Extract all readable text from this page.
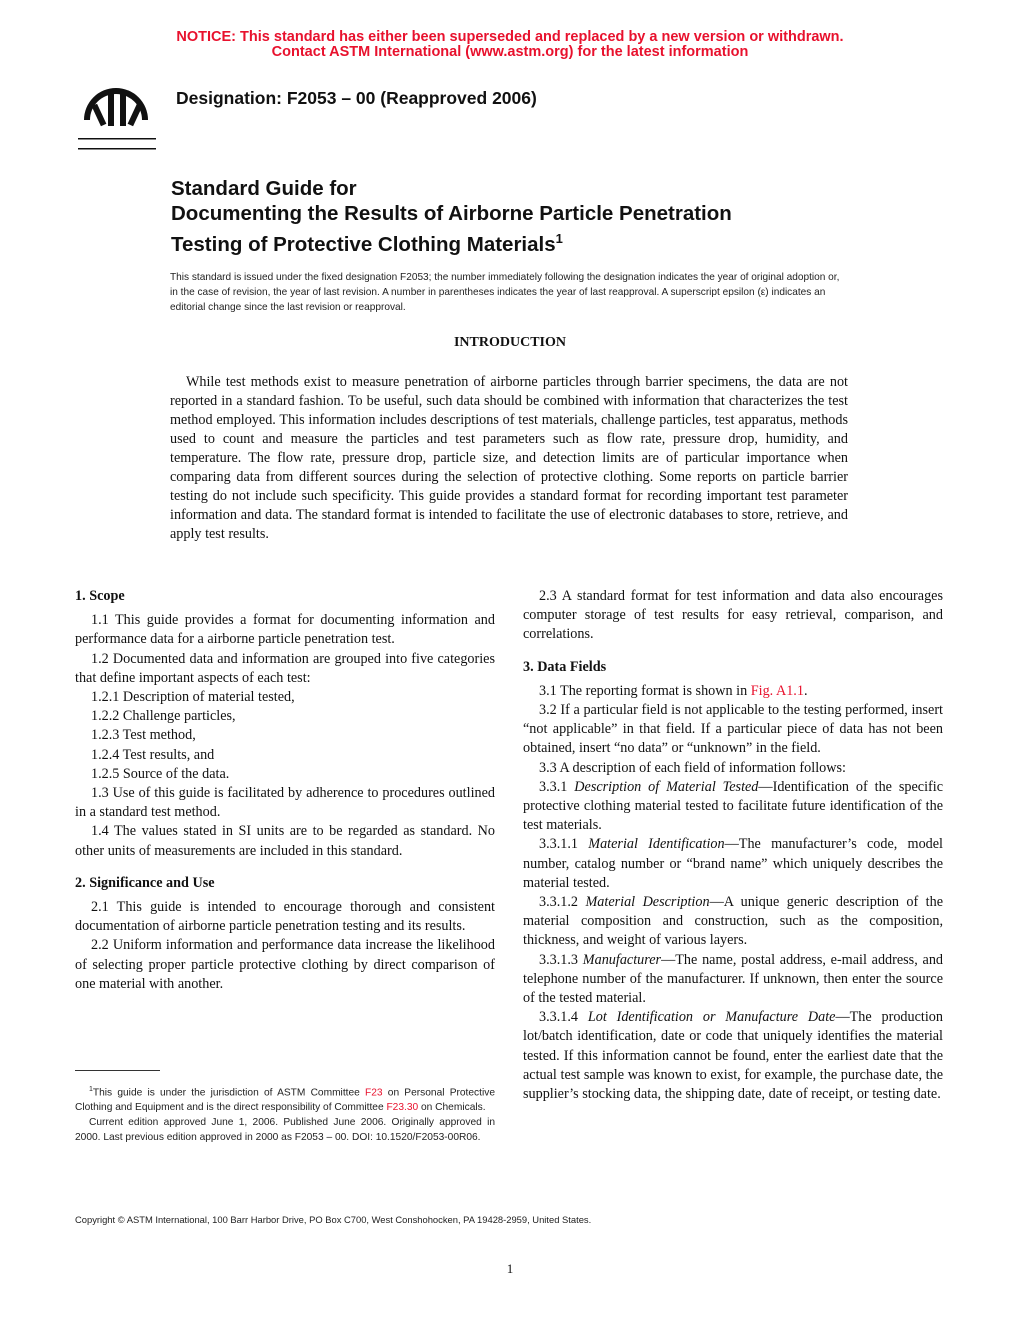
NOTICE: This standard has either been superseded and replaced by a new version or withdrawn.
Contact ASTM International (www.astm.org) for the latest information
Designation: F2053 – 00 (Reapproved 2006)
Standard Guide for
Documenting the Results of Airborne Particle Penetration
Testing of Protective Clothing Materials$^1$
This standard is issued under the fixed designation F2053; the number immediately following the designation indicates the year of original adoption or, in the case of revision, the year of last revision. A number in parentheses indicates the year of last reapproval. A superscript epsilon (ε) indicates an editorial change since the last revision or reapproval.
INTRODUCTION
While test methods exist to measure penetration of airborne particles through barrier specimens, the data are not reported in a standard fashion. To be useful, such data should be combined with information that characterizes the test method employed. This information includes descriptions of test materials, challenge particles, test apparatus, methods used to count and measure the particles and test parameters such as flow rate, pressure drop, humidity, and temperature. The flow rate, pressure drop, particle size, and detection limits are of particular importance when comparing data from different sources during the selection of protective clothing. Some reports on particle barrier testing do not include such specificity. This guide provides a standard format for recording important test parameter information and data. The standard format is intended to facilitate the use of electronic databases to store, retrieve, and apply test results.
1. Scope

1.1 This guide provides a format for documenting information and performance data for a airborne particle penetration test.

1.2 Documented data and information are grouped into five categories that define important aspects of each test:

1.2.1 Description of material tested,

1.2.2 Challenge particles,

1.2.3 Test method,

1.2.4 Test results, and

1.2.5 Source of the data.

1.3 Use of this guide is facilitated by adherence to procedures outlined in a standard test method.

1.4 The values stated in SI units are to be regarded as standard. No other units of measurements are included in this standard.

2. Significance and Use

2.1 This guide is intended to encourage thorough and consistent documentation of airborne particle penetration testing and its results.

2.2 Uniform information and performance data increase the likelihood of selecting proper particle protective clothing by direct comparison of one material with another.

2.3 A standard format for test information and data also encourages computer storage of test results for easy retrieval, comparison, and correlations.

3. Data Fields

3.1 The reporting format is shown in Fig. A1.1.

3.2 If a particular field is not applicable to the testing performed, insert “not applicable” in that field. If a particular piece of data has not been obtained, insert “no data” or “unknown” in the field.

3.3 A description of each field of information follows:

3.3.1 Description of Material Tested—Identification of the specific protective clothing material tested to facilitate future identification of the test materials.

3.3.1.1 Material Identification—The manufacturer’s code, model number, catalog number or “brand name” which uniquely describes the material tested.

3.3.1.2 Material Description—A unique generic description of the material composition and construction, such as the composition, thickness, and weight of various layers.

3.3.1.3 Manufacturer—The name, postal address, e-mail address, and telephone number of the manufacturer. If unknown, then enter the source of the tested material.

3.3.1.4 Lot Identification or Manufacture Date—The production lot/batch identification, date or code that uniquely identifies the material tested. If this information cannot be found, enter the earliest date that the actual test sample was known to exist, for example, the purchase date, the supplier’s stocking data, the shipping date, date of receipt, or testing date.

$^1$This guide is under the jurisdiction of ASTM Committee F23 on Personal Protective Clothing and Equipment and is the direct responsibility of Committee F23.30 on Chemicals.

Current edition approved June 1, 2006. Published June 2006. Originally approved in 2000. Last previous edition approved in 2000 as F2053 – 00. DOI: 10.1520/F2053-00R06.

Copyright © ASTM International, 100 Barr Harbor Drive, PO Box C700, West Conshohocken, PA 19428-2959, United States.
1
